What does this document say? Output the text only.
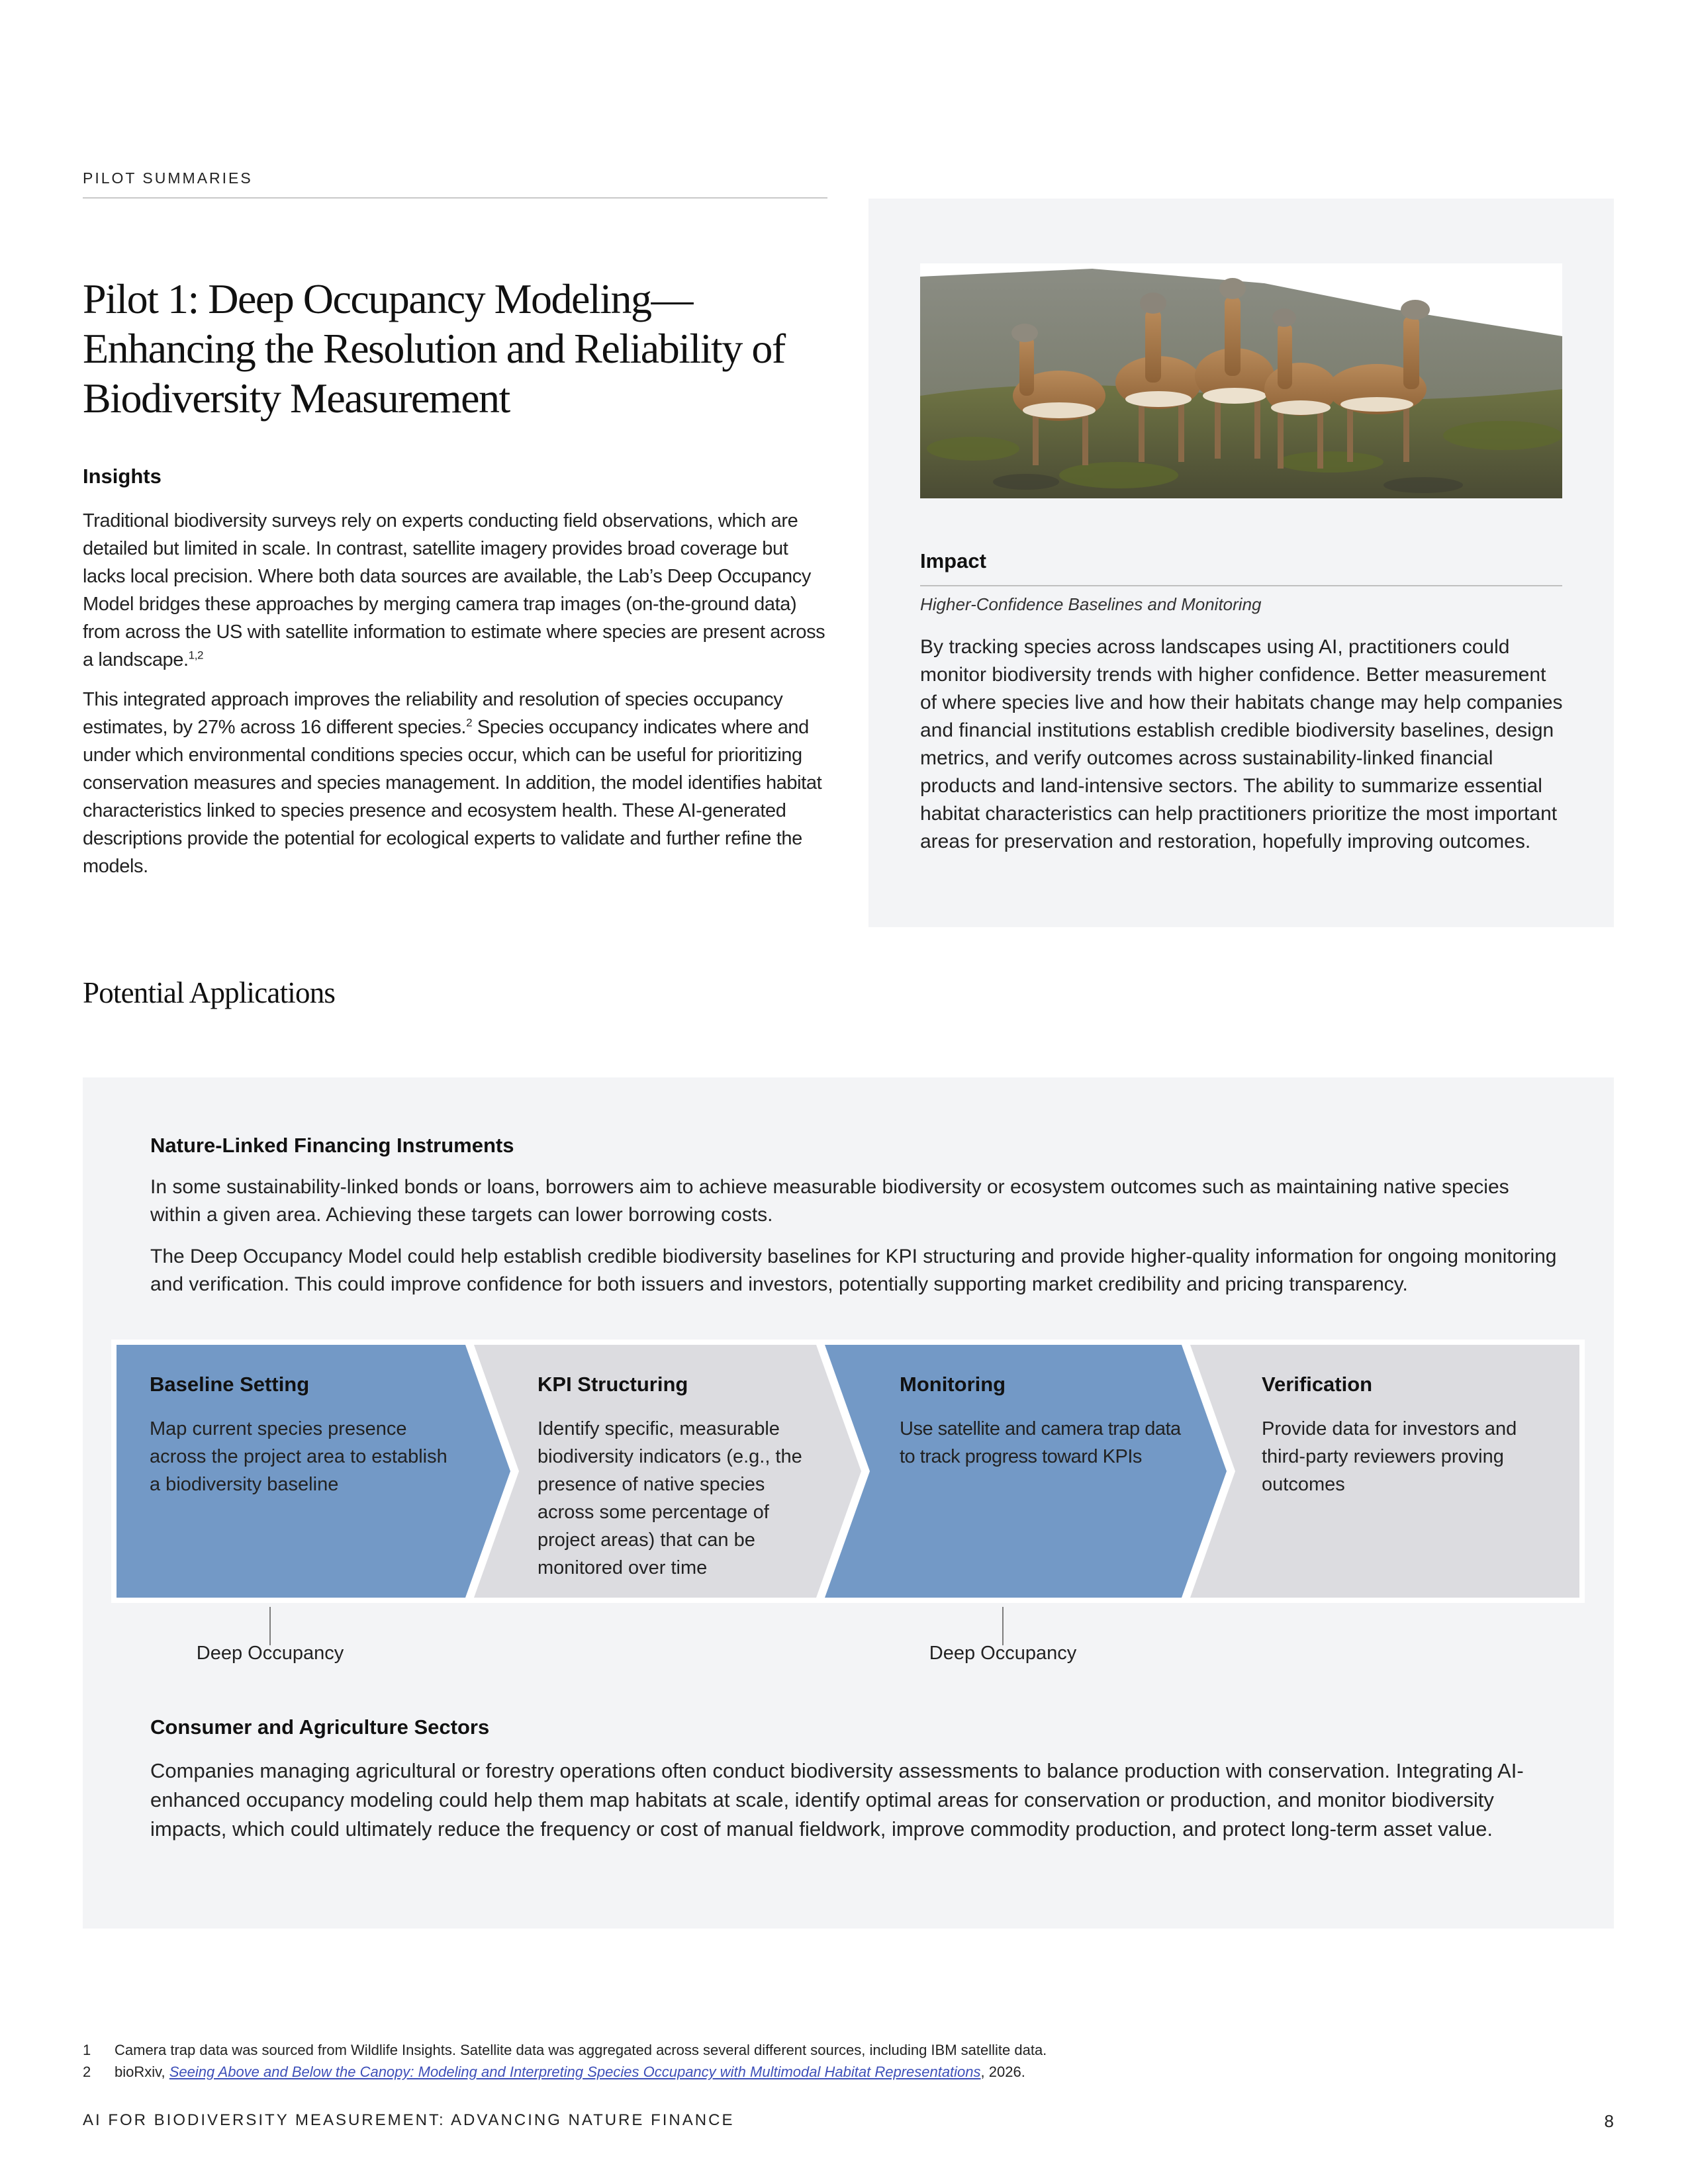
PILOT SUMMARIES
Pilot 1: Deep Occupancy Modeling—Enhancing the Resolution and Reliability of Biodiversity Measurement
Insights
Traditional biodiversity surveys rely on experts conducting field observations, which are detailed but limited in scale. In contrast, satellite imagery provides broad coverage but lacks local precision. Where both data sources are available, the Lab’s Deep Occupancy Model bridges these approaches by merging camera trap images (on-the-ground data) from across the US with satellite information to estimate where species are present across a landscape.$^{1,2}$
This integrated approach improves the reliability and resolution of species occupancy estimates, by 27% across 16 different species.$^2$ Species occupancy indicates where and under which environmental conditions species occur, which can be useful for prioritizing conservation measures and species management. In addition, the model identifies habitat characteristics linked to species presence and ecosystem health. These AI-generated descriptions provide the potential for ecological experts to validate and further refine the models.
Impact
Higher-Confidence Baselines and Monitoring
By tracking species across landscapes using AI, practitioners could monitor biodiversity trends with higher confidence. Better measurement of where species live and how their habitats change may help companies and financial institutions establish credible biodiversity baselines, design metrics, and verify outcomes across sustainability-linked financial products and land-intensive sectors. The ability to summarize essential habitat characteristics can help practitioners prioritize the most important areas for preservation and restoration, hopefully improving outcomes.
Potential Applications
Nature-Linked Financing Instruments
In some sustainability-linked bonds or loans, borrowers aim to achieve measurable biodiversity or ecosystem outcomes such as maintaining native species within a given area. Achieving these targets can lower borrowing costs.
The Deep Occupancy Model could help establish credible biodiversity baselines for KPI structuring and provide higher-quality information for ongoing monitoring and verification. This could improve confidence for both issuers and investors, potentially supporting market credibility and pricing transparency.
Baseline Setting
Map current species presence across the project area to establish a biodiversity baseline
KPI Structuring
Identify specific, measurable biodiversity indicators (e.g., the presence of native species across some percentage of project areas) that can be monitored over time
Monitoring
Use satellite and camera trap data to track progress toward KPIs
Verification
Provide data for investors and third-party reviewers proving outcomes
Deep Occupancy	Deep Occupancy
Consumer and Agriculture Sectors
Companies managing agricultural or forestry operations often conduct biodiversity assessments to balance production with conservation. Integrating AI-enhanced occupancy modeling could help them map habitats at scale, identify optimal areas for conservation or production, and monitor biodiversity impacts, which could ultimately reduce the frequency or cost of manual fieldwork, improve commodity production, and protect long-term asset value.
1 Camera trap data was sourced from Wildlife Insights. Satellite data was aggregated across several different sources, including IBM satellite data.
2 bioRxiv, Seeing Above and Below the Canopy: Modeling and Interpreting Species Occupancy with Multimodal Habitat Representations, 2026.
AI FOR BIODIVERSITY MEASUREMENT: ADVANCING NATURE FINANCE	8
